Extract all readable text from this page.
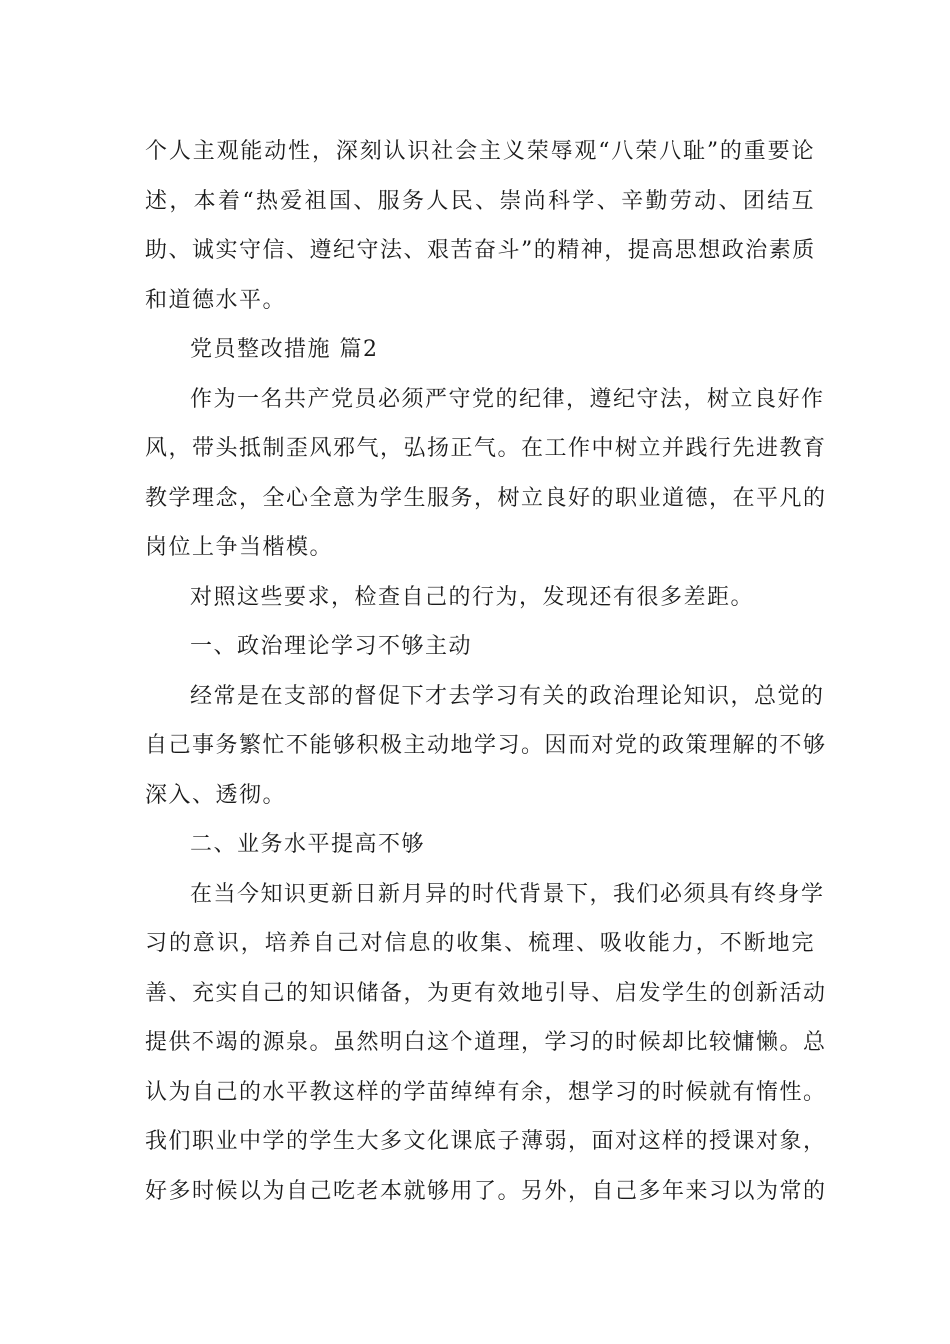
个人主观能动性，深刻认识社会主义荣辱观“八荣八耻”的重要论
述，本着“热爱祖国、服务人民、崇尚科学、辛勤劳动、团结互
助、诚实守信、遵纪守法、艰苦奋斗”的精神，提高思想政治素质
和道德水平。
党员整改措施 篇2
作为一名共产党员必须严守党的纪律，遵纪守法，树立良好作
风，带头抵制歪风邪气，弘扬正气。在工作中树立并践行先进教育
教学理念，全心全意为学生服务，树立良好的职业道德，在平凡的
岗位上争当楷模。
对照这些要求，检查自己的行为，发现还有很多差距。
一、政治理论学习不够主动
经常是在支部的督促下才去学习有关的政治理论知识，总觉的
自己事务繁忙不能够积极主动地学习。因而对党的政策理解的不够
深入、透彻。
二、业务水平提高不够
在当今知识更新日新月异的时代背景下，我们必须具有终身学
习的意识，培养自己对信息的收集、梳理、吸收能力，不断地完
善、充实自己的知识储备，为更有效地引导、启发学生的创新活动
提供不竭的源泉。虽然明白这个道理，学习的时候却比较慵懒。总
认为自己的水平教这样的学苗绰绰有余，想学习的时候就有惰性。
我们职业中学的学生大多文化课底子薄弱，面对这样的授课对象，
好多时候以为自己吃老本就够用了。另外，自己多年来习以为常的
